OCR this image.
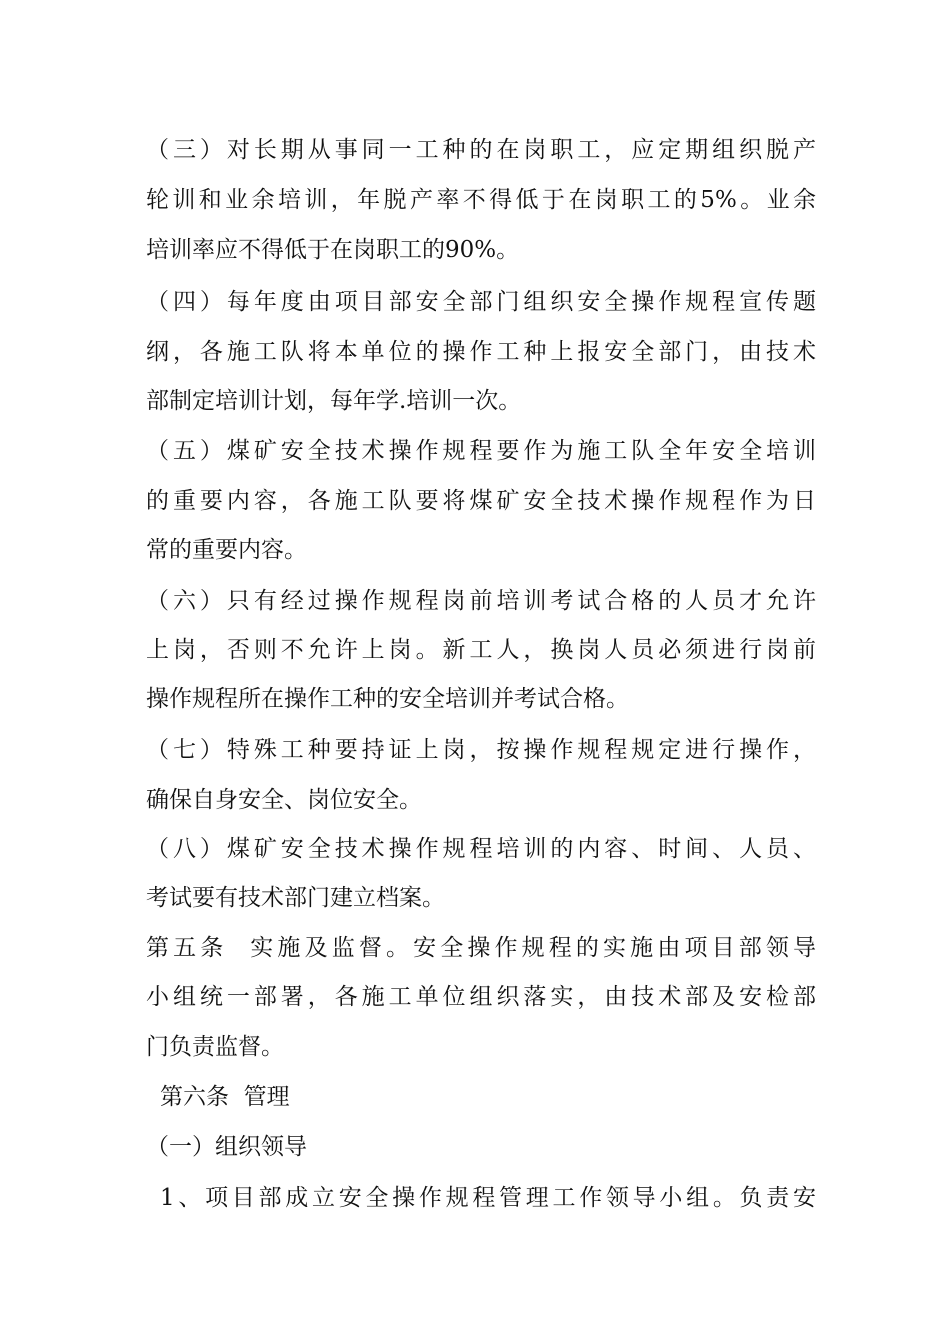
（三）对长期从事同一工种的在岗职工，应定期组织脱产
轮训和业余培训，年脱产率不得低于在岗职工的5%。业余
培训率应不得低于在岗职工的90%。
（四）每年度由项目部安全部门组织安全操作规程宣传题
纲，各施工队将本单位的操作工种上报安全部门，由技术
部制定培训计划，每年学.培训一次。
（五）煤矿安全技术操作规程要作为施工队全年安全培训
的重要内容，各施工队要将煤矿安全技术操作规程作为日
常的重要内容。
（六）只有经过操作规程岗前培训考试合格的人员才允许
上岗，否则不允许上岗。新工人，换岗人员必须进行岗前
操作规程所在操作工种的安全培训并考试合格。
（七）特殊工种要持证上岗，按操作规程规定进行操作，
确保自身安全、岗位安全。
（八）煤矿安全技术操作规程培训的内容、时间、人员、
考试要有技术部门建立档案。
第五条  实施及监督。安全操作规程的实施由项目部领导
小组统一部署，各施工单位组织落实，由技术部及安检部
门负责监督。
第六条  管理
（一）组织领导
1、项目部成立安全操作规程管理工作领导小组。负责安
